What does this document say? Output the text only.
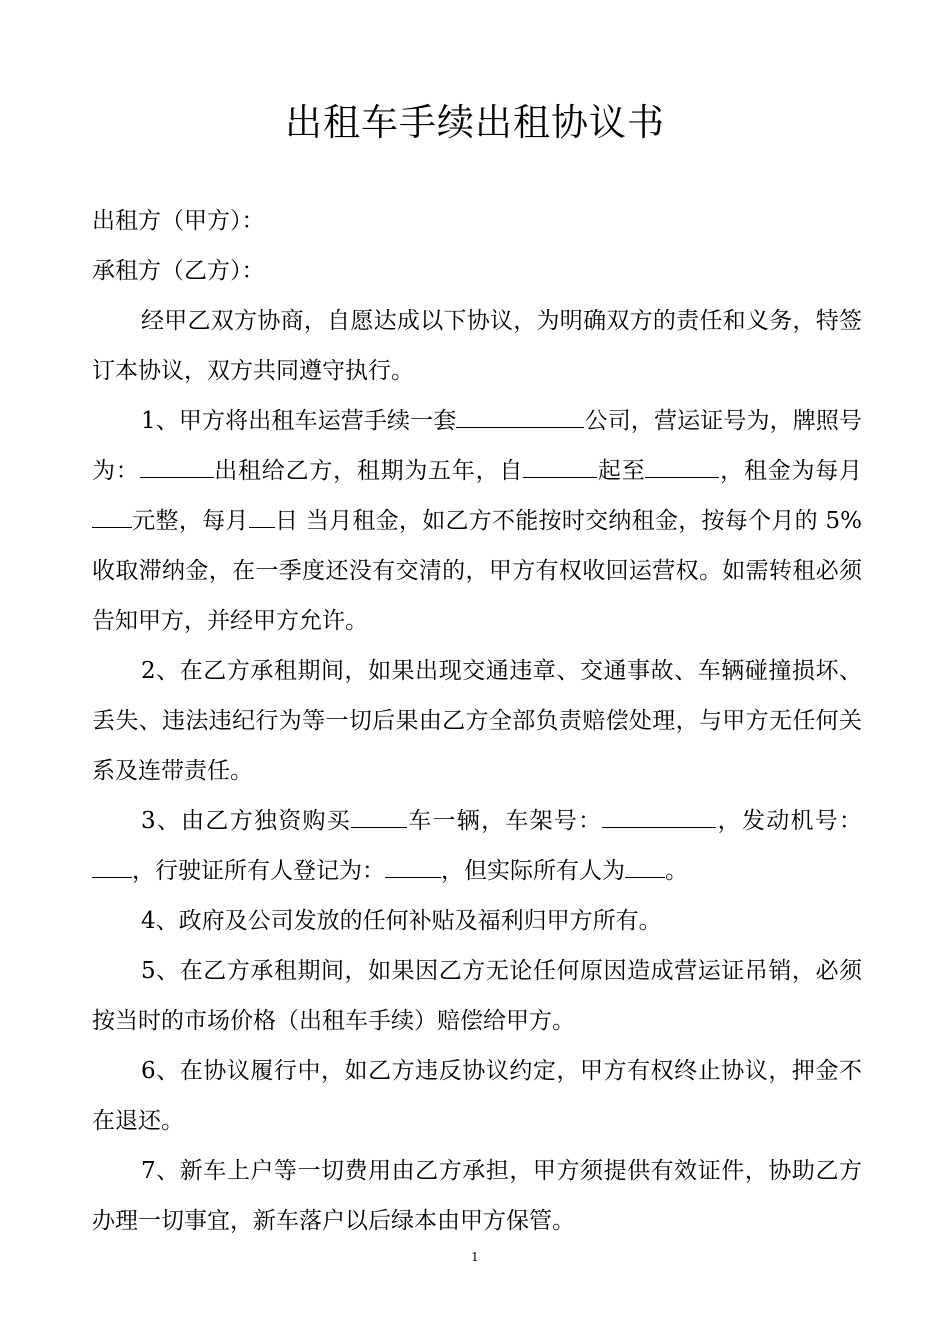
出租车手续出租协议书

出租方（甲方）：

承租方（乙方）：

经甲乙双方协商，自愿达成以下协议，为明确双方的责任和义务，特签订本协议，双方共同遵守执行。

1、甲方将出租车运营手续一套	公司，营运证号为，牌照号为：	出租给乙方，租期为五年，自	起至	，租金为每月元整，每月 日 当月租金，如乙方不能按时交纳租金，按每个月的 5%收取滞纳金，在一季度还没有交清的，甲方有权收回运营权。如需转租必须告知甲方，并经甲方允许。

2、在乙方承租期间，如果出现交通违章、交通事故、车辆碰撞损坏、丢失、违法违纪行为等一切后果由乙方全部负责赔偿处理，与甲方无任何关系及连带责任。

3、由乙方独资购买 车一辆，车架号：	，发动机号：，行驶证所有人登记为： ，但实际所有人为 。

4、政府及公司发放的任何补贴及福利归甲方所有。

5、在乙方承租期间，如果因乙方无论任何原因造成营运证吊销，必须按当时的市场价格（出租车手续）赔偿给甲方。

6、在协议履行中，如乙方违反协议约定，甲方有权终止协议，押金不在退还。

7、新车上户等一切费用由乙方承担，甲方须提供有效证件，协助乙方办理一切事宜，新车落户以后绿本由甲方保管。

1
